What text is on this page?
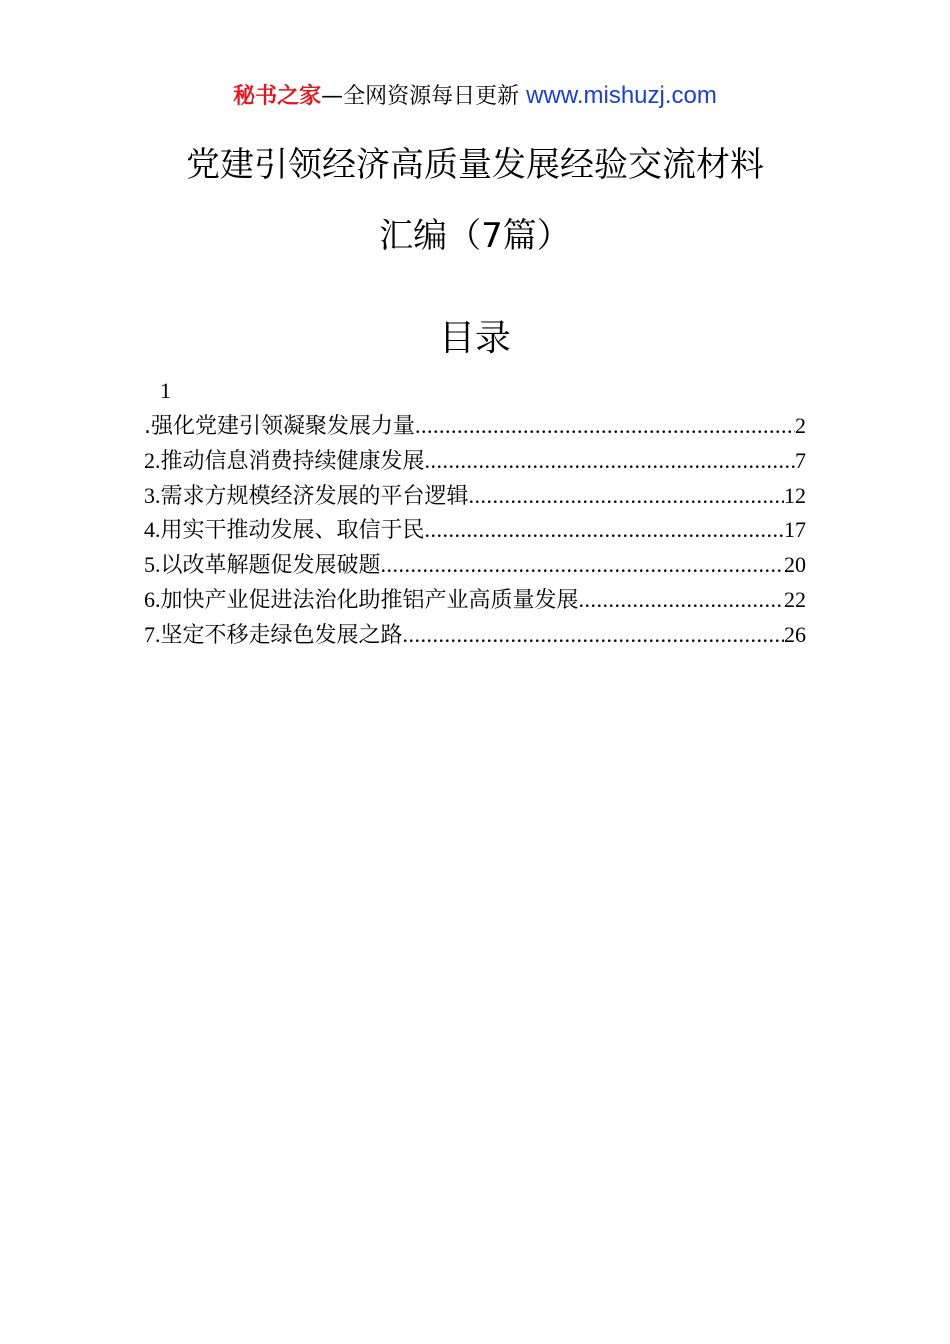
秘书之家—全网资源每日更新 www.mishuzj.com
党建引领经济高质量发展经验交流材料
汇编（7篇）
目录
1
.强化党建引领凝聚发展力量 .....	2
2.推动信息消费持续健康发展 .....	7
3.需求方规模经济发展的平台逻辑 .....	12
4.用实干推动发展、取信于民 .....	17
5.以改革解题促发展破题 .....	20
6.加快产业促进法治化助推铝产业高质量发展 .....	22
7.坚定不移走绿色发展之路 .....	26
